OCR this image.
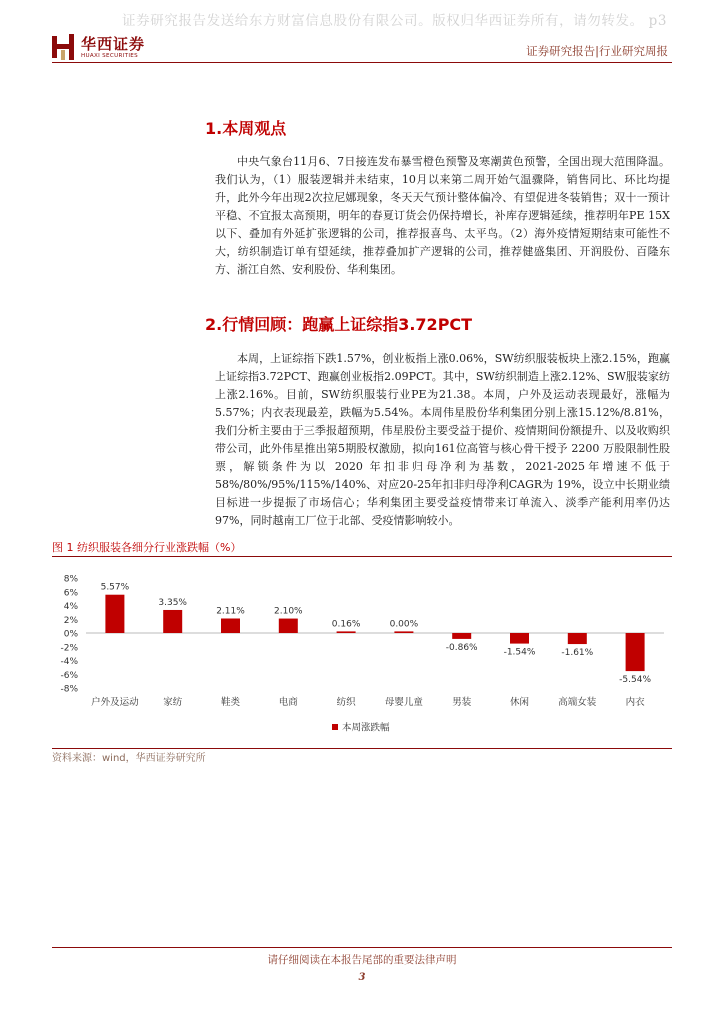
证券研究报告发送给东方财富信息股份有限公司。版权归华西证券所有，请勿转发。 p3
华西证券
HUAXI SECURITIES	证券研究报告|行业研究周报
1.本周观点
中央气象台11月6、7日接连发布暴雪橙色预警及寒潮黄色预警，全国出现大范围降温。我们认为，（1）服装逻辑并未结束，10月以来第二周开始气温骤降，销售同比、环比均提升，此外今年出现2次拉尼娜现象，冬天天气预计整体偏冷、有望促进冬装销售；双十一预计平稳、不宜报太高预期，明年的春夏订货会仍保持增长，补库存逻辑延续，推荐明年PE 15X以下、叠加有外延扩张逻辑的公司，推荐报喜鸟、太平鸟。（2）海外疫情短期结束可能性不大，纺织制造订单有望延续，推荐叠加扩产逻辑的公司，推荐健盛集团、开润股份、百隆东方、浙江自然、安利股份、华利集团。
2.行情回顾：跑赢上证综指3.72PCT
本周，上证综指下跌1.57%，创业板指上涨0.06%，SW纺织服装板块上涨2.15%，跑赢上证综指3.72PCT、跑赢创业板指2.09PCT。其中，SW纺织制造上涨2.12%、SW服装家纺上涨2.16%。目前，SW纺织服装行业PE为21.38。本周，户外及运动表现最好，涨幅为5.57%；内衣表现最差，跌幅为5.54%。本周伟星股份华利集团分别上涨15.12%/8.81%，我们分析主要由于三季报超预期，伟星股份主要受益于提价、疫情期间份额提升、以及收购织带公司，此外伟星推出第5期股权激励，拟向161位高管与核心骨干授予 2200 万股限制性股票，解锁条件为以 2020 年扣非归母净利为基数，2021-2025年增速不低于58%/80%/95%/115%/140%、对应20-25年扣非归母净利CAGR为 19%，设立中长期业绩目标进一步提振了市场信心；华利集团主要受益疫情带来订单流入、淡季产能利用率仍达97%，同时越南工厂位于北部、受疫情影响较小。
图 1 纺织服装各细分行业涨跌幅（%）
8%
6%
4%
2%
0%
-2%
-4%
-6%
-8%
5.57%
3.35%
2.11%	2.10%
0.16%	0.00%
-0.86%	-1.54%	-1.61%
-5.54%
户外及运动	家纺	鞋类	电商	纺织	母婴儿童	男装	休闲	高端女装	内衣
本周涨跌幅
资料来源：wind，华西证券研究所
请仔细阅读在本报告尾部的重要法律声明
3
